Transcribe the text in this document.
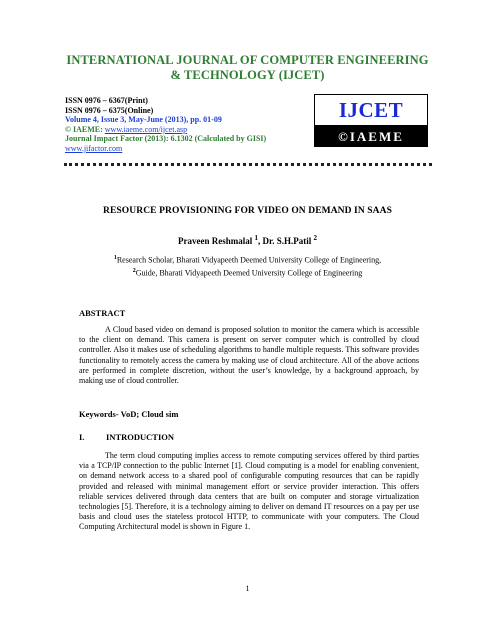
INTERNATIONAL JOURNAL OF COMPUTER ENGINEERING
& TECHNOLOGY (IJCET)
ISSN 0976 – 6367(Print)
ISSN 0976 – 6375(Online)
Volume 4, Issue 3, May-June (2013), pp. 01-09
© IAEME: www.iaeme.com/ijcet.asp
Journal Impact Factor (2013): 6.1302 (Calculated by GISI)
www.jifactor.com
IJCET
©IAEME
RESOURCE PROVISIONING FOR VIDEO ON DEMAND IN SAAS
Praveen Reshmalal $^1$, Dr. S.H.Patil $^2$
$^1$Research Scholar, Bharati Vidyapeeth Deemed University College of Engineering,
$^2$Guide, Bharati Vidyapeeth Deemed University College of Engineering
ABSTRACT
A Cloud based video on demand is proposed solution to monitor the camera which is accessible to the client on demand. This camera is present on server computer which is controlled by cloud controller. Also it makes use of scheduling algorithms to handle multiple requests. This software provides functionality to remotely access the camera by making use of cloud architecture. All of the above actions are performed in complete discretion, without the user’s knowledge, by a background approach, by making use of cloud controller.
Keywords- VoD; Cloud sim
I.	INTRODUCTION
The term cloud computing implies access to remote computing services offered by third parties via a TCP/IP connection to the public Internet [1]. Cloud computing is a model for enabling convenient, on demand network access to a shared pool of configurable computing resources that can be rapidly provided and released with minimal management effort or service provider interaction. This offers reliable services delivered through data centers that are built on computer and storage virtualization technologies [5]. Therefore, it is a technology aiming to deliver on demand IT resources on a pay per use basis and cloud uses the stateless protocol HTTP, to communicate with your computers. The Cloud Computing Architectural model is shown in Figure 1.
1
